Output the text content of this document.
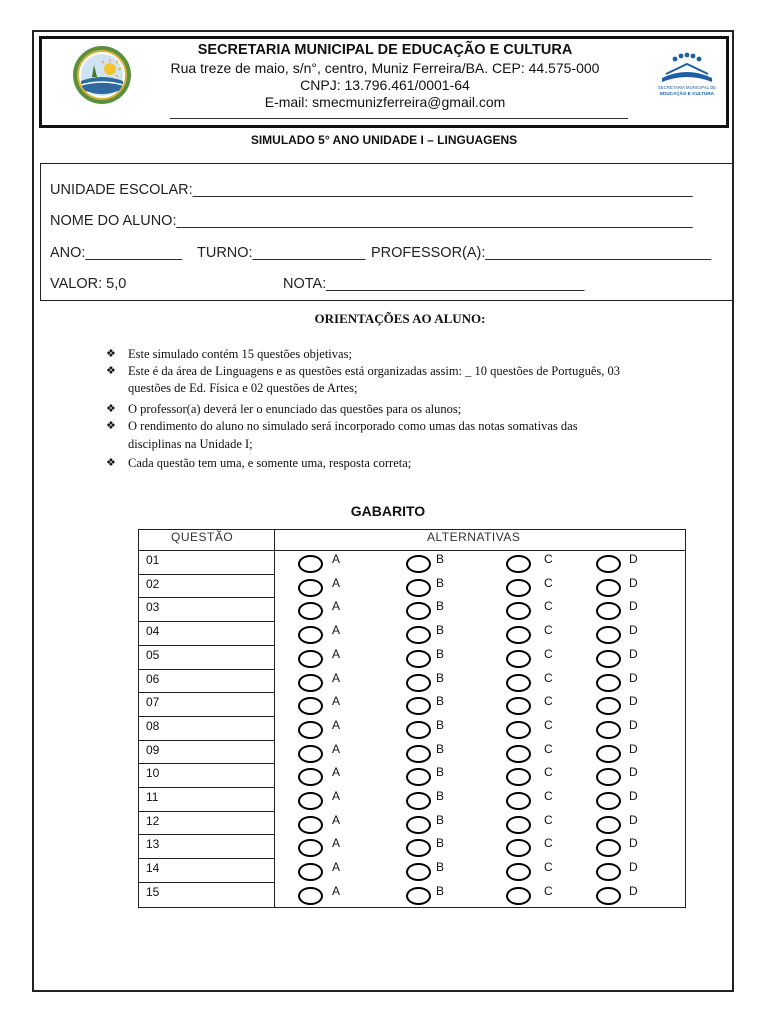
SECRETARIA MUNICIPAL DE EDUCAÇÃO E CULTURA
Rua treze de maio, s/n°, centro, Muniz Ferreira/BA. CEP: 44.575-000
CNPJ: 13.796.461/0001-64
E-mail: smecmunizferreira@gmail.com
SECRETARIA MUNICIPAL DE
EDUCAÇÃO E CULTURA
SIMULADO 5° ANO UNIDADE I – LINGUAGENS
UNIDADE ESCOLAR:______________________________________________________________
NOME DO ALUNO:________________________________________________________________
ANO:____________ TURNO:______________ PROFESSOR(A):____________________________
VALOR: 5,0	NOTA:________________________________
ORIENTAÇÕES AO ALUNO:
❖ Este simulado contém 15 questões objetivas;
❖ Este é da área de Linguagens e as questões está organizadas assim: _ 10 questões de Português, 03
questões de Ed. Física e 02 questões de Artes;
❖ O professor(a) deverá ler o enunciado das questões para os alunos;
❖ O rendimento do aluno no simulado será incorporado como umas das notas somativas das
disciplinas na Unidade I;
❖ Cada questão tem uma, e somente uma, resposta correta;
GABARITO
QUESTÃO	ALTERNATIVAS
01	A	B	C	D
02	A	B	C	D
03	A	B	C	D
04	A	B	C	D
05	A	B	C	D
06	A	B	C	D
07	A	B	C	D
08	A	B	C	D
09	A	B	C	D
10	A	B	C	D
11	A	B	C	D
12	A	B	C	D
13	A	B	C	D
14	A	B	C	D
15	A	B	C	D
